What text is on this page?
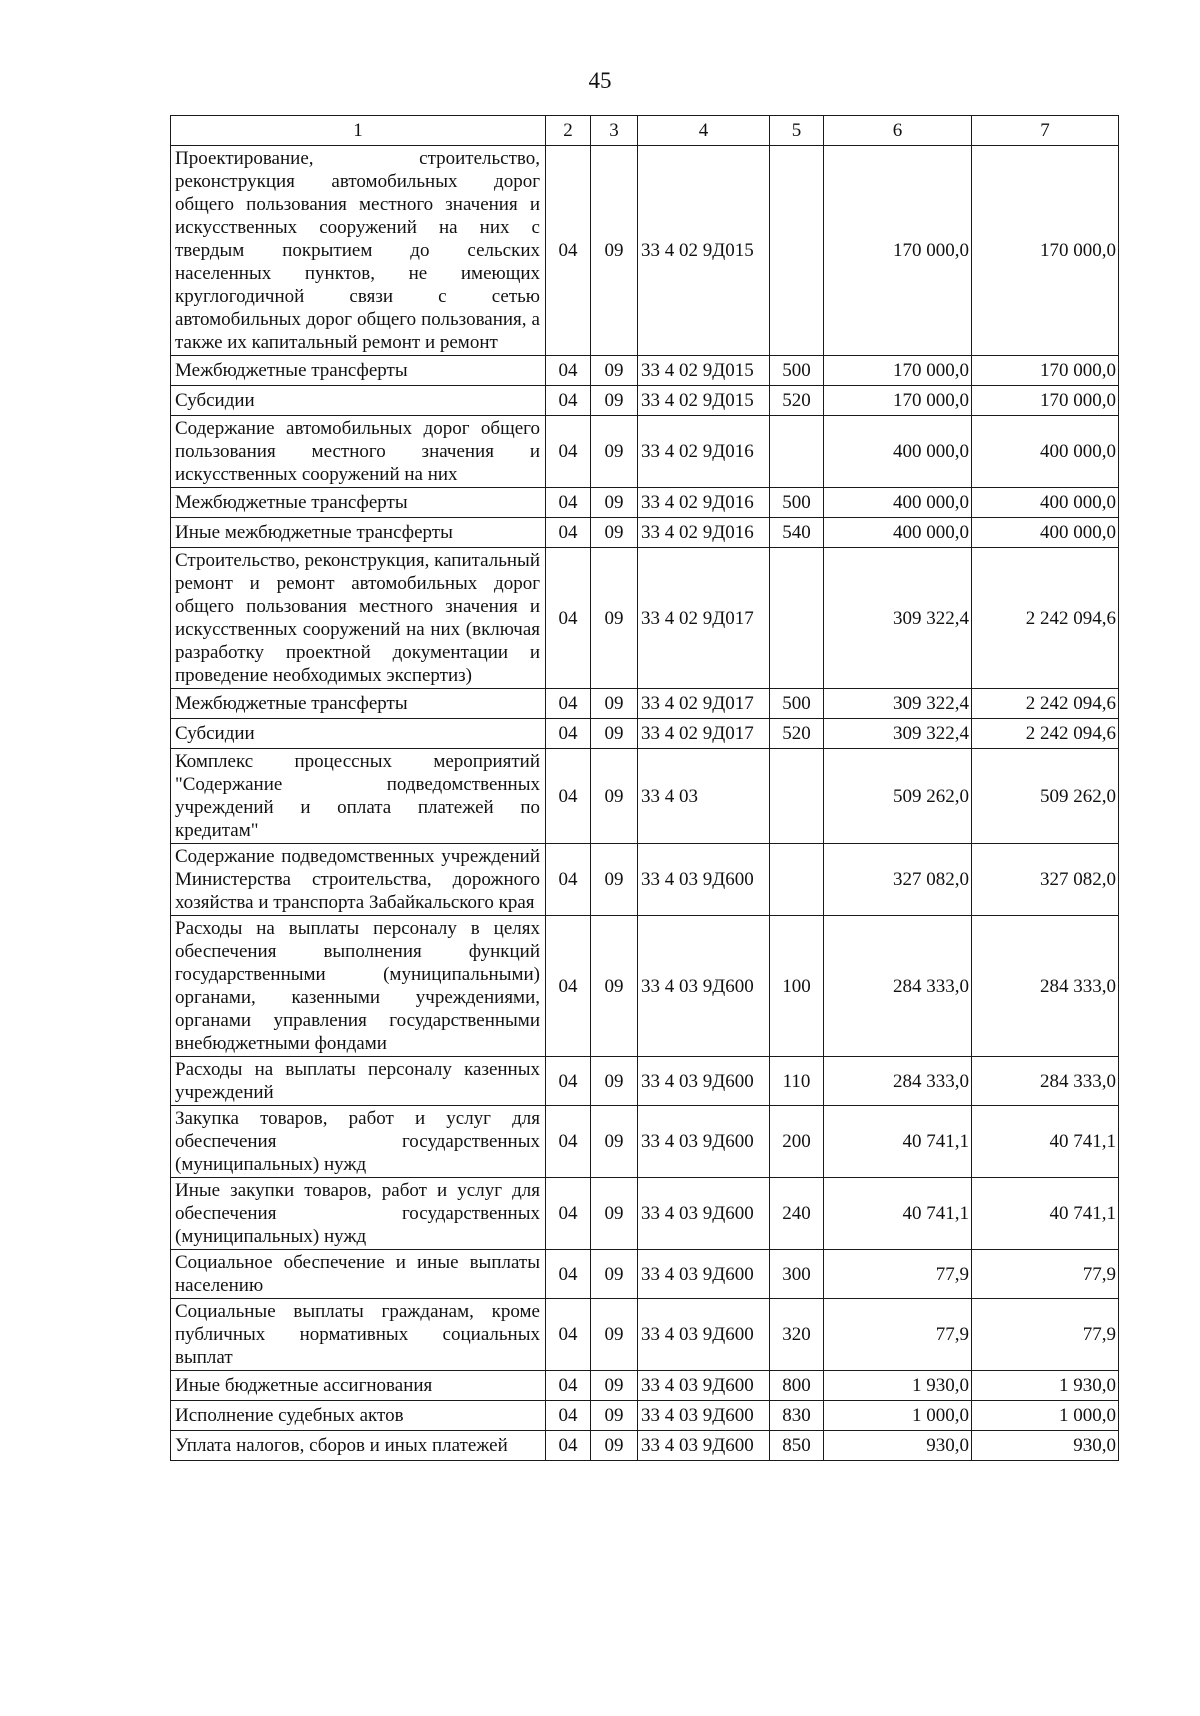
45
1	2	3	4	5	6	7
Проектирование, строительство, реконструкция автомобильных дорог общего пользования местного значения и искусственных сооружений на них с твердым покрытием до сельских населенных пунктов, не имеющих круглогодичной связи с сетью автомобильных дорог общего пользования, а также их капитальный ремонт и ремонт	04	09	33 4 02 9Д015		170 000,0	170 000,0
Межбюджетные трансферты	04	09	33 4 02 9Д015	500	170 000,0	170 000,0
Субсидии	04	09	33 4 02 9Д015	520	170 000,0	170 000,0
Содержание автомобильных дорог общего пользования местного значения и искусственных сооружений на них	04	09	33 4 02 9Д016		400 000,0	400 000,0
Межбюджетные трансферты	04	09	33 4 02 9Д016	500	400 000,0	400 000,0
Иные межбюджетные трансферты	04	09	33 4 02 9Д016	540	400 000,0	400 000,0
Строительство, реконструкция, капитальный ремонт и ремонт автомобильных дорог общего пользования местного значения и искусственных сооружений на них (включая разработку проектной документации и проведение необходимых экспертиз)	04	09	33 4 02 9Д017		309 322,4	2 242 094,6
Межбюджетные трансферты	04	09	33 4 02 9Д017	500	309 322,4	2 242 094,6
Субсидии	04	09	33 4 02 9Д017	520	309 322,4	2 242 094,6
Комплекс процессных мероприятий "Содержание подведомственных учреждений и оплата платежей по кредитам"	04	09	33 4 03		509 262,0	509 262,0
Содержание подведомственных учреждений Министерства строительства, дорожного хозяйства и транспорта Забайкальского края	04	09	33 4 03 9Д600		327 082,0	327 082,0
Расходы на выплаты персоналу в целях обеспечения выполнения функций государственными (муниципальными) органами, казенными учреждениями, органами управления государственными внебюджетными фондами	04	09	33 4 03 9Д600	100	284 333,0	284 333,0
Расходы на выплаты персоналу казенных учреждений	04	09	33 4 03 9Д600	110	284 333,0	284 333,0
Закупка товаров, работ и услуг для обеспечения государственных (муниципальных) нужд	04	09	33 4 03 9Д600	200	40 741,1	40 741,1
Иные закупки товаров, работ и услуг для обеспечения государственных (муниципальных) нужд	04	09	33 4 03 9Д600	240	40 741,1	40 741,1
Социальное обеспечение и иные выплаты населению	04	09	33 4 03 9Д600	300	77,9	77,9
Социальные выплаты гражданам, кроме публичных нормативных социальных выплат	04	09	33 4 03 9Д600	320	77,9	77,9
Иные бюджетные ассигнования	04	09	33 4 03 9Д600	800	1 930,0	1 930,0
Исполнение судебных актов	04	09	33 4 03 9Д600	830	1 000,0	1 000,0
Уплата налогов, сборов и иных платежей	04	09	33 4 03 9Д600	850	930,0	930,0
